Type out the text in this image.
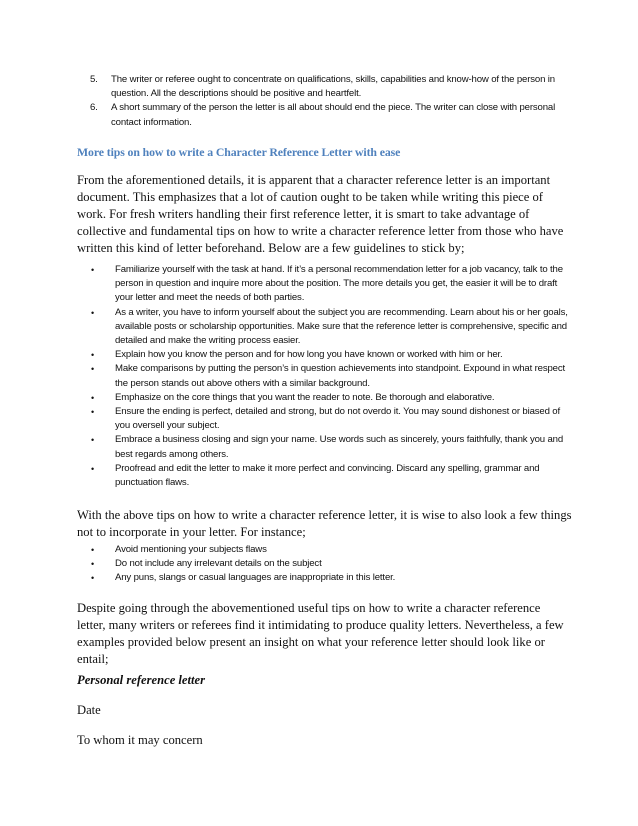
5. The writer or referee ought to concentrate on qualifications, skills, capabilities and know-how of the person in question. All the descriptions should be positive and heartfelt.
6. A short summary of the person the letter is all about should end the piece. The writer can close with personal contact information.
More tips on how to write a Character Reference Letter with ease

From the aforementioned details, it is apparent that a character reference letter is an important document. This emphasizes that a lot of caution ought to be taken while writing this piece of work. For fresh writers handling their first reference letter, it is smart to take advantage of collective and fundamental tips on how to write a character reference letter from those who have written this kind of letter beforehand. Below are a few guidelines to stick by;

• Familiarize yourself with the task at hand. If it’s a personal recommendation letter for a job vacancy, talk to the person in question and inquire more about the position. The more details you get, the easier it will be to draft your letter and meet the needs of both parties.
• As a writer, you have to inform yourself about the subject you are recommending. Learn about his or her goals, available posts or scholarship opportunities. Make sure that the reference letter is comprehensive, specific and detailed and make the writing process easier.
• Explain how you know the person and for how long you have known or worked with him or her.
• Make comparisons by putting the person’s in question achievements into standpoint. Expound in what respect the person stands out above others with a similar background.
• Emphasize on the core things that you want the reader to note. Be thorough and elaborative.
• Ensure the ending is perfect, detailed and strong, but do not overdo it. You may sound dishonest or biased of you oversell your subject.
• Embrace a business closing and sign your name. Use words such as sincerely, yours faithfully, thank you and best regards among others.
• Proofread and edit the letter to make it more perfect and convincing. Discard any spelling, grammar and punctuation flaws.

With the above tips on how to write a character reference letter, it is wise to also look a few things not to incorporate in your letter. For instance;

• Avoid mentioning your subjects flaws
• Do not include any irrelevant details on the subject
• Any puns, slangs or casual languages are inappropriate in this letter.

Despite going through the abovementioned useful tips on how to write a character reference letter, many writers or referees find it intimidating to produce quality letters. Nevertheless, a few examples provided below present an insight on what your reference letter should look like or entail;

Personal reference letter
Date
To whom it may concern
